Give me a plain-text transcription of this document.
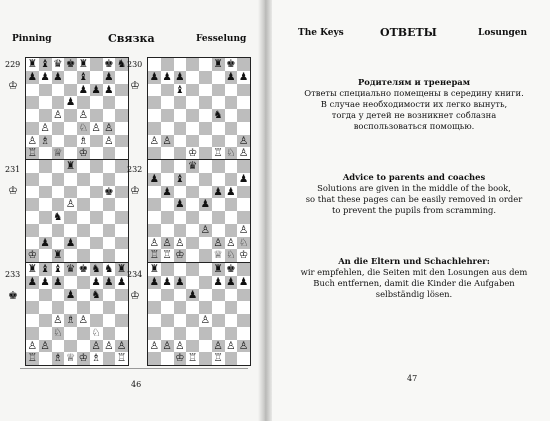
Pinning	Связка	Fesselung
229
♔
♜ ♝ ♛ ♚ ♜ ♚ ♞
♟ ♟ ♟ ♝ ♟
♟ ♟ ♟
♟
♙ ♙
♙	♘ ♙ ♙
♙ ♗	♗ ♙
♖ ♕ ♔
230
♔
♜ ♚
♟ ♟ ♟	♟ ♟
♝
♞
♙ ♙	♙
♔ ♖ ♘ ♙
231
♔
♜
♚
♙
♞
♟ ♟
♔ ♜
232
♔
♛
♟ ♝	♟
♟	♟ ♟
♟ ♟
♙	♙
♙ ♙ ♙	♙ ♙ ♘
♖ ♖ ♔	♕ ♘ ♔
233
♚
♜ ♝ ♝ ♛ ♚ ♞ ♞ ♜
♟ ♟ ♟	♟ ♟ ♟
♟ ♞
♙ ♗ ♙
♘	♘
♙ ♙	♙ ♙ ♙
♖ ♗ ♕ ♔ ♗ ♖
234
♔
♜	♜ ♚
♟ ♟ ♟	♟ ♟ ♟
♟
♙
♙ ♙ ♙	♙ ♙ ♙
♔ ♖ ♖
46
The Keys	ОТВЕТЫ	Losungen
Родителям и тренерам
Ответы специально помещены в середину книги.
В случае необходимости их легко вынуть,
тогда у детей не возникнет соблазна
воспользоваться помощью.
Advice to parents and coaches
Solutions are given in the middle of the book,
so that these pages can be easily removed in order
to prevent the pupils from scramming.
An die Eltern und Schachlehrer:
wir empfehlen, die Seiten mit den Losungen aus dem
Buch entfernen, damit die Kinder die Aufgaben
selbständig lösen.
47
